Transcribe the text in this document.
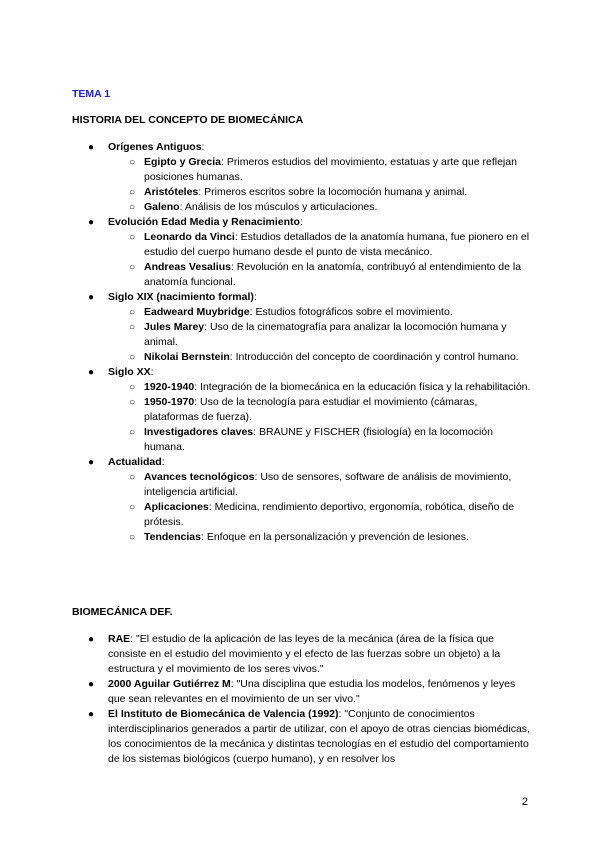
TEMA 1
HISTORIA DEL CONCEPTO DE BIOMECÁNICA
● Orígenes Antiguos:
○ Egipto y Grecia: Primeros estudios del movimiento, estatuas y arte que reflejan posiciones humanas.
○ Aristóteles: Primeros escritos sobre la locomoción humana y animal.
○ Galeno: Análisis de los músculos y articulaciones.
● Evolución Edad Media y Renacimiento:
○ Leonardo da Vinci: Estudios detallados de la anatomía humana, fue pionero en el estudio del cuerpo humano desde el punto de vista mecánico.
○ Andreas Vesalius: Revolución en la anatomía, contribuyó al entendimiento de la anatomía funcional.
● Siglo XIX (nacimiento formal):
○ Eadweard Muybridge: Estudios fotográficos sobre el movimiento.
○ Jules Marey: Uso de la cinematografía para analizar la locomoción humana y animal.
○ Nikolai Bernstein: Introducción del concepto de coordinación y control humano.
● Siglo XX:
○ 1920-1940: Integración de la biomecánica en la educación física y la rehabilitación.
○ 1950-1970: Uso de la tecnología para estudiar el movimiento (cámaras, plataformas de fuerza).
○ Investigadores claves: BRAUNE y FISCHER (fisiología) en la locomoción humana.
● Actualidad:
○ Avances tecnológicos: Uso de sensores, software de análisis de movimiento, inteligencia artificial.
○ Aplicaciones: Medicina, rendimiento deportivo, ergonomía, robótica, diseño de prótesis.
○ Tendencias: Enfoque en la personalización y prevención de lesiones.
BIOMECÁNICA DEF.
● RAE: "El estudio de la aplicación de las leyes de la mecánica (área de la física que consiste en el estudio del movimiento y el efecto de las fuerzas sobre un objeto) a la estructura y el movimiento de los seres vivos."
● 2000 Aguilar Gutiérrez M: "Una disciplina que estudia los modelos, fenómenos y leyes que sean relevantes en el movimiento de un ser vivo."
● El Instituto de Biomecánica de Valencia (1992): "Conjunto de conocimientos interdisciplinarios generados a partir de utilizar, con el apoyo de otras ciencias biomédicas, los conocimientos de la mecánica y distintas tecnologías en el estudio del comportamiento de los sistemas biológicos (cuerpo humano), y en resolver los
2
